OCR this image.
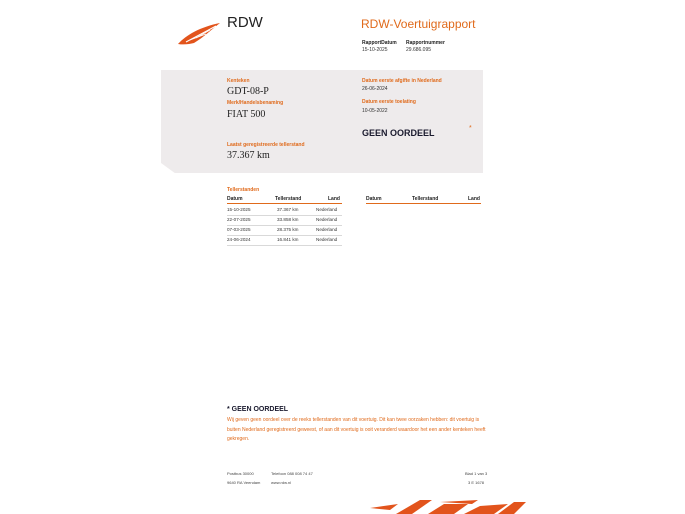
RDW	RDW-Voertuigrapport
RapportDatum
15-10-2025
Rapportnummer
29.686.095
Kenteken
GDT-08-P
Merk/Handelsbenaming
FIAT 500
Laatst geregistreerde tellerstand
37.367 km
Datum eerste afgifte in Nederland
26-06-2024
Datum eerste toelating
10-05-2022
GEEN OORDEEL	*
Tellerstanden
Datum	Tellerstand	Land	Datum	Tellerstand	Land
15-10-2025	37.367 km	Nederland
22-07-2025	33.858 km	Nederland
07-03-2025	28.375 km	Nederland
24-06-2024	16.841 km	Nederland
* GEEN OORDEEL
Wij geven geen oordeel over de reeks tellerstanden van dit voertuig. Dit kan twee oorzaken hebben: dit voertuig is buiten Nederland geregistreerd geweest, of aan dit voertuig is ooit veranderd waardoor het een ander kenteken heeft gekregen.
Postbus 30000
9640 RA Veendam
Telefoon 088 008 74 47
www.rdw.nl
Blad 1 van 3
3 E 1678
